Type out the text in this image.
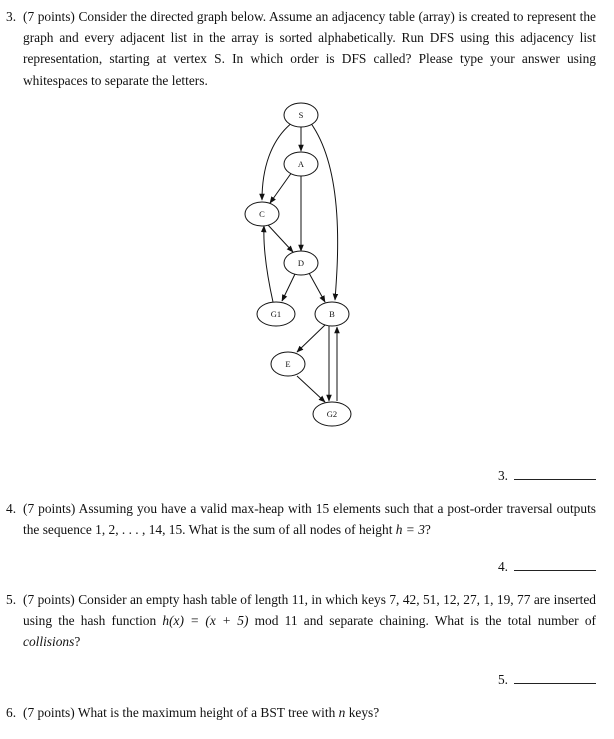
3. (7 points) Consider the directed graph below. Assume an adjacency table (array) is created to represent the graph and every adjacent list in the array is sorted alphabetically. Run DFS using this adjacency list representation, starting at vertex S. In which order is DFS called? Please type your answer using whitespaces to separate the letters.
S
A
C
D
G1	B
E
G2
3.
4. (7 points) Assuming you have a valid max-heap with 15 elements such that a post-order traversal outputs the sequence 1, 2, . . . , 14, 15. What is the sum of all nodes of height h = 3?
4.
5. (7 points) Consider an empty hash table of length 11, in which keys 7, 42, 51, 12, 27, 1, 19, 77 are inserted using the hash function h(x) = (x + 5) mod 11 and separate chaining. What is the total number of collisions?
5.
6. (7 points) What is the maximum height of a BST tree with n keys?
